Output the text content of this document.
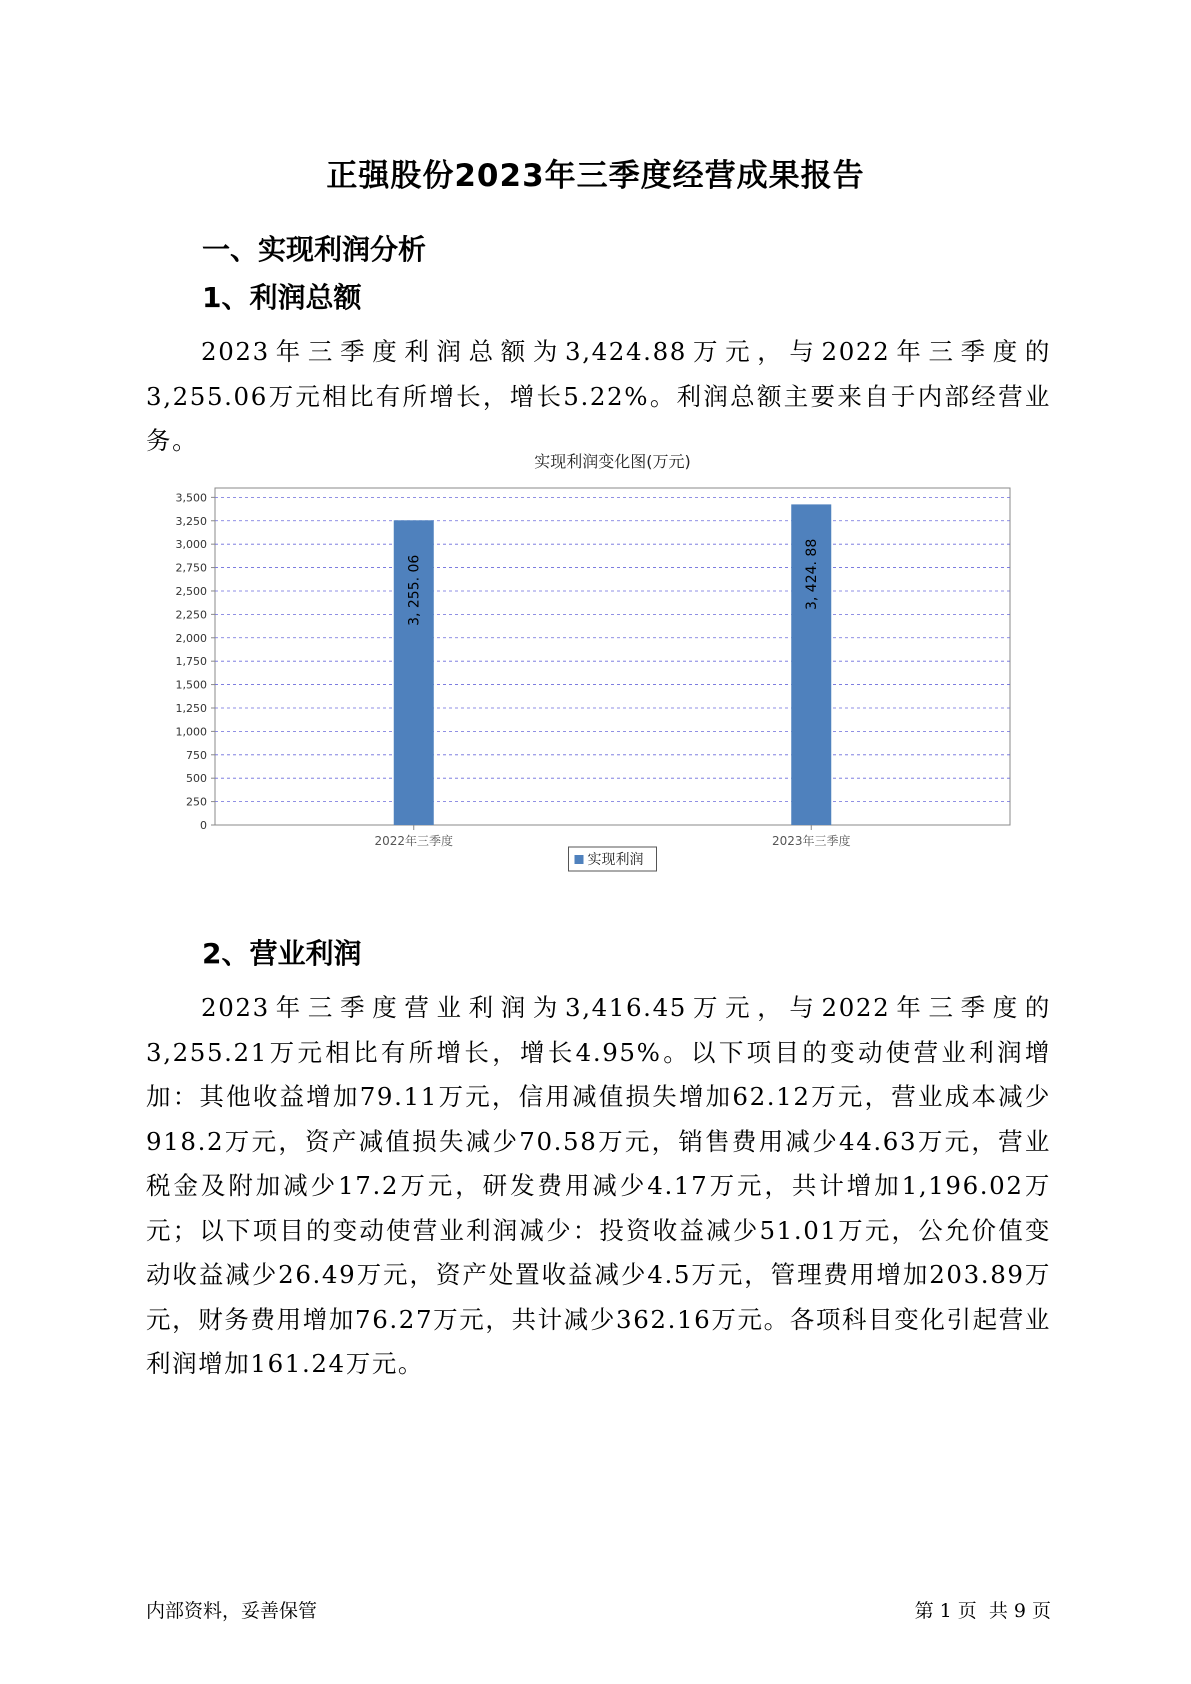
正强股份2023年三季度经营成果报告
一、实现利润分析
1、利润总额

2023年三季度利润总额为3,424.88万元，与2022年三季度的3,255.06万元相比有所增长，增长5.22%。利润总额主要来自于内部经营业务。

实现利润变化图(万元)
0
250
500
750
1,000
1,250
1,500
1,750
2,000
2,250
2,500
2,750
3,000
3,250
3,500
3, 255. 06
2022年三季度
3, 424. 88
2023年三季度
实现利润
2、营业利润

2023年三季度营业利润为3,416.45万元，与2022年三季度的3,255.21万元相比有所增长，增长4.95%。以下项目的变动使营业利润增加：其他收益增加79.11万元，信用减值损失增加62.12万元，营业成本减少918.2万元，资产减值损失减少70.58万元，销售费用减少44.63万元，营业税金及附加减少17.2万元，研发费用减少4.17万元，共计增加1,196.02万元；以下项目的变动使营业利润减少：投资收益减少51.01万元，公允价值变动收益减少26.49万元，资产处置收益减少4.5万元，管理费用增加203.89万元，财务费用增加76.27万元，共计减少362.16万元。各项科目变化引起营业利润增加161.24万元。

内部资料，妥善保管	第 1 页  共 9 页
